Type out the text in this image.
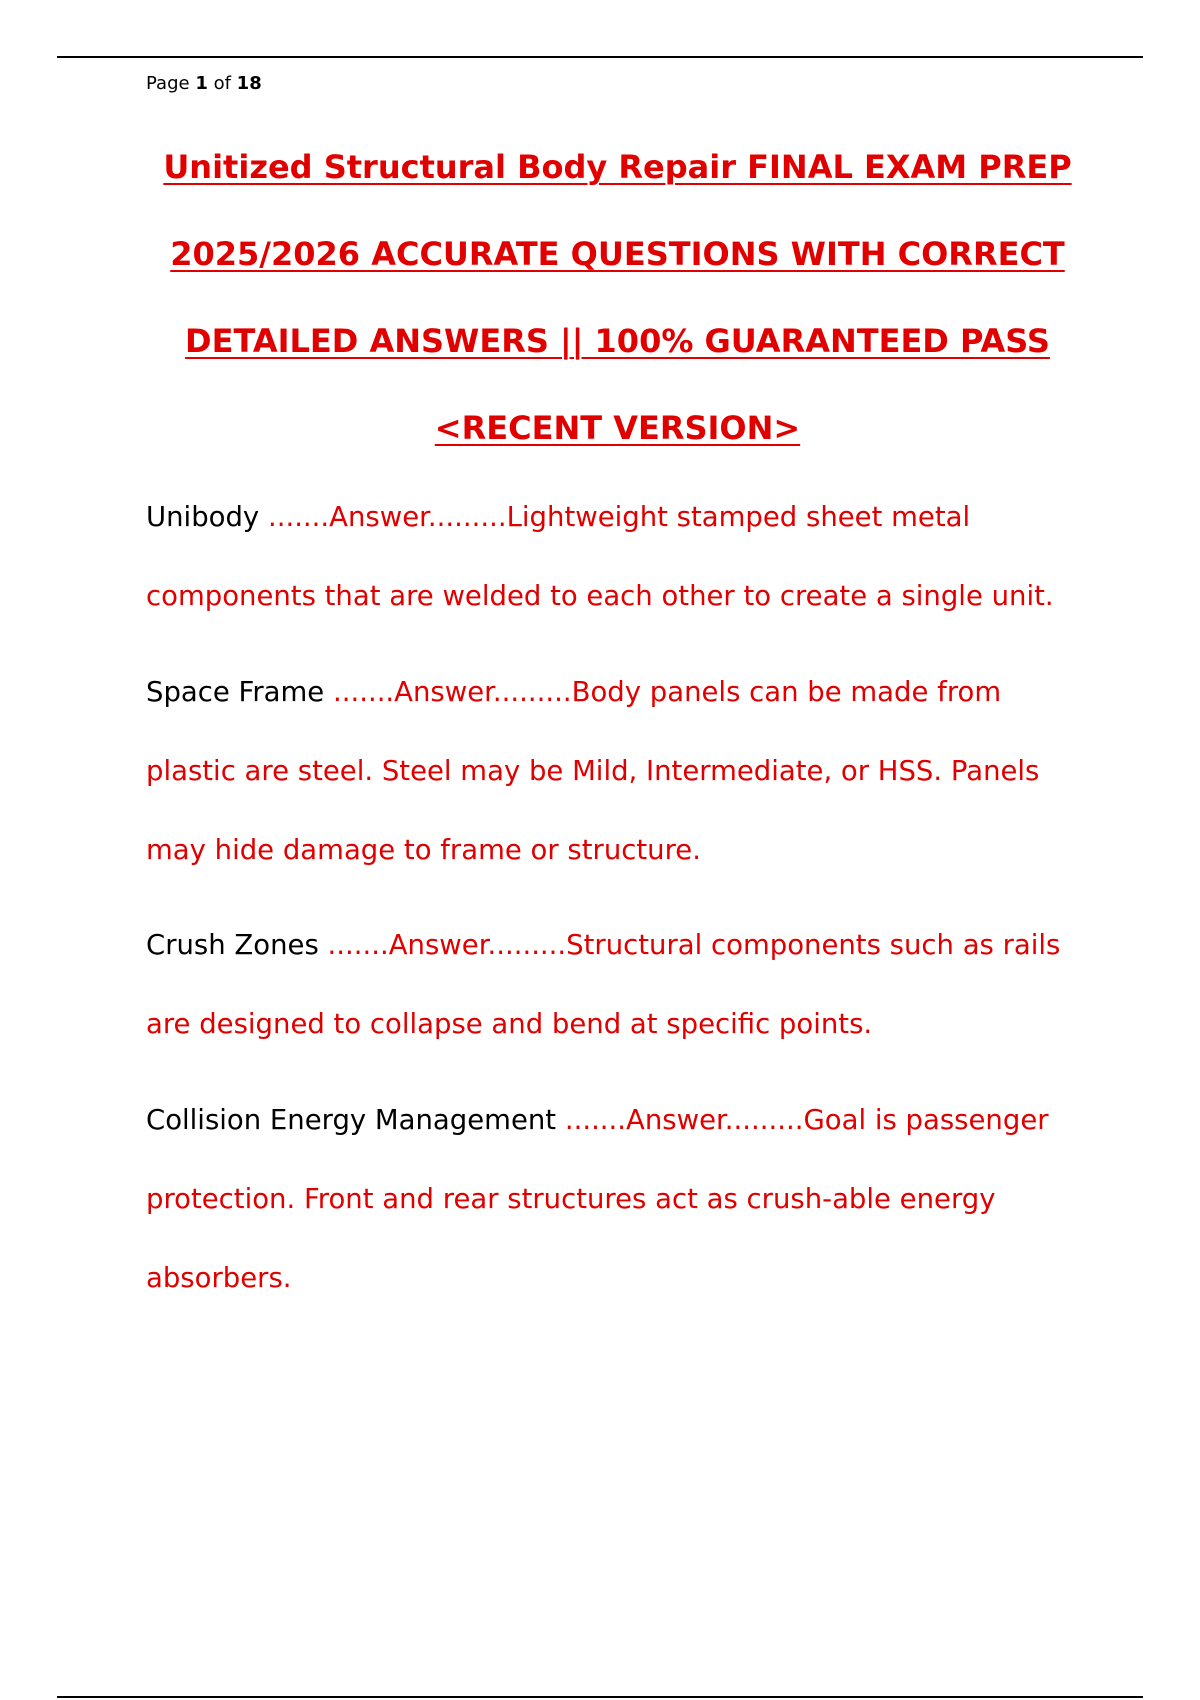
Page 1 of 18
Unitized Structural Body Repair FINAL EXAM PREP
2025/2026 ACCURATE QUESTIONS WITH CORRECT
DETAILED ANSWERS || 100% GUARANTEED PASS
<RECENT VERSION>

Unibody .......Answer.........Lightweight stamped sheet metal components that are welded to each other to create a single unit.

Space Frame .......Answer.........Body panels can be made from plastic are steel. Steel may be Mild, Intermediate, or HSS. Panels may hide damage to frame or structure.

Crush Zones .......Answer.........Structural components such as rails are designed to collapse and bend at specific points.

Collision Energy Management .......Answer.........Goal is passenger protection. Front and rear structures act as crush-able energy absorbers.
